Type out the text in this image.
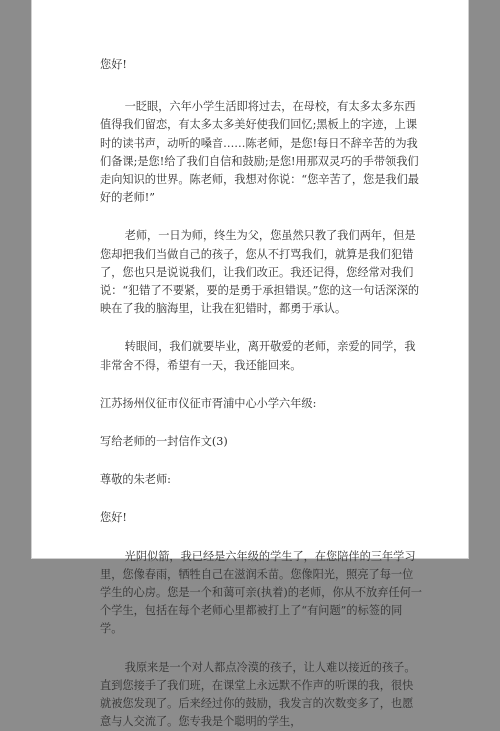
您好!

一眨眼，六年小学生活即将过去，在母校，有太多太多东西值得我们留恋，有太多太多美好使我们回忆;黑板上的字迹，上课时的读书声，动听的嗓音……陈老师，是您!每日不辞辛苦的为我们备课;是您!给了我们自信和鼓励;是您!用那双灵巧的手带领我们走向知识的世界。陈老师，我想对你说：“您辛苦了，您是我们最好的老师!”

老师，一日为师，终生为父，您虽然只教了我们两年，但是您却把我们当做自己的孩子，您从不打骂我们，就算是我们犯错了，您也只是说说我们，让我们改正。我还记得，您经常对我们说：“犯错了不要紧，要的是勇于承担错误。”您的这一句话深深的映在了我的脑海里，让我在犯错时，都勇于承认。

转眼间，我们就要毕业，离开敬爱的老师，亲爱的同学，我非常舍不得，希望有一天，我还能回来。

江苏扬州仪征市仪征市胥浦中心小学六年级:

写给老师的一封信作文(3)

尊敬的朱老师:

您好!

光阴似箭，我已经是六年级的学生了，在您陪伴的三年学习里，您像春雨，牺牲自己在滋润禾苗。您像阳光，照亮了每一位学生的心房。您是一个和蔼可亲(执着)的老师，你从不放弃任何一个学生，包括在每个老师心里都被打上了“有问题”的标签的同学。

我原来是一个对人都点冷漠的孩子，让人难以接近的孩子。直到您接手了我们班，在课堂上永远默不作声的听课的我，很快就被您发现了。后来经过你的鼓励，我发言的次数变多了，也愿意与人交流了。您专我是个聪明的学生，
